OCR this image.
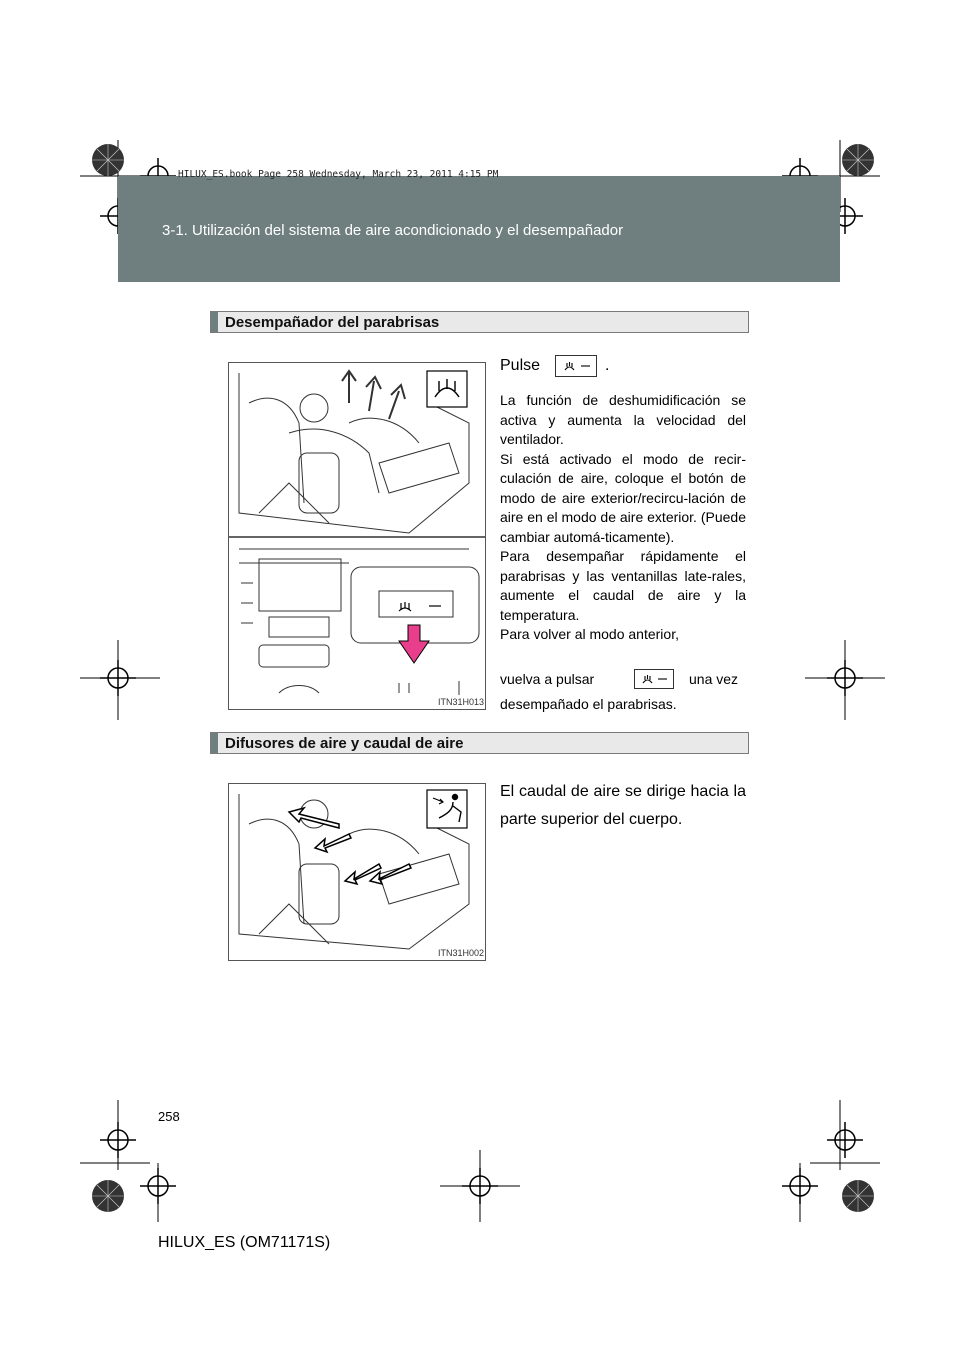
HILUX_ES.book Page 258 Wednesday, March 23, 2011 4:15 PM
3-1. Utilización del sistema de aire acondicionado y el desempañador
Desempañador del parabrisas
ITN31H013
Pulse	.
La función de deshumidificación se activa y aumenta la velocidad del ventilador.
Si está activado el modo de recir-culación de aire, coloque el botón de modo de aire exterior/recircu-lación de aire en el modo de aire exterior. (Puede cambiar automá-ticamente).
Para desempañar rápidamente el parabrisas y las ventanillas late-rales, aumente el caudal de aire y la temperatura.
Para volver al modo anterior,
vuelva a pulsar	una vez
desempañado el parabrisas.
Difusores de aire y caudal de aire
ITN31H002
El caudal de aire se dirige hacia la parte superior del cuerpo.
258
HILUX_ES (OM71171S)
